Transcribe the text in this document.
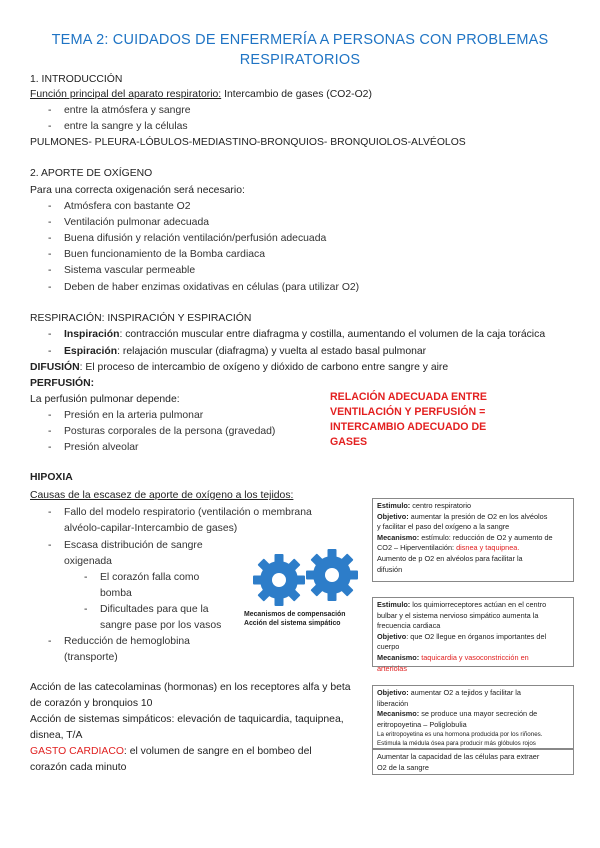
TEMA 2: CUIDADOS DE ENFERMERÍA A PERSONAS CON PROBLEMAS
RESPIRATORIOS
1. INTRODUCCIÓN
Función principal del aparato respiratorio: Intercambio de gases (CO2-O2)
- entre la atmósfera y sangre
- entre la sangre y la células
PULMONES- PLEURA-LÓBULOS-MEDIASTINO-BRONQUIOS- BRONQUIOLOS-ALVÉOLOS
2. APORTE DE OXÍGENO
Para una correcta oxigenación será necesario:
- Atmósfera con bastante O2
- Ventilación pulmonar adecuada
- Buena difusión y relación ventilación/perfusión adecuada
- Buen funcionamiento de la Bomba cardiaca
- Sistema vascular permeable
- Deben de haber enzimas oxidativas en células (para utilizar O2)
RESPIRACIÓN: INSPIRACIÓN Y ESPIRACIÓN
- Inspiración: contracción muscular entre diafragma y costilla, aumentando el volumen de la caja torácica
- Espiración: relajación muscular (diafragma) y vuelta al estado basal pulmonar
DIFUSIÓN: El proceso de intercambio de oxígeno y dióxido de carbono entre sangre y aire
PERFUSIÓN:
La perfusión pulmonar depende:
- Presión en la arteria pulmonar
- Posturas corporales de la persona (gravedad)
- Presión alveolar
RELACIÓN ADECUADA ENTRE
VENTILACIÓN Y PERFUSIÓN =
INTERCAMBIO ADECUADO DE
GASES
HIPOXIA
Causas de la escasez de aporte de oxígeno a los tejidos:
- Fallo del modelo respiratorio (ventilación o membrana
alvéolo-capilar-Intercambio de gases)
- Escasa distribución de sangre
oxigenada
- El corazón falla como
bomba
- Dificultades para que la
sangre pase por los vasos
- Reducción de hemoglobina
(transporte)
Mecanismos de compensación
Acción del sistema simpático
Acción de las catecolaminas (hormonas) en los receptores alfa y beta
de corazón y bronquios 10
Acción de sistemas simpáticos: elevación de taquicardia, taquipnea,
disnea, T/A
GASTO CARDIACO: el volumen de sangre en el bombeo del
corazón cada minuto
Estimulo: centro respiratorio
Objetivo: aumentar la presión de O2 en los alvéolos
y facilitar el paso del oxígeno a la sangre
Mecanismo: estímulo: reducción de O2 y aumento de
CO2 – Hiperventilación: disnea y taquipnea.
Aumento de p O2 en alvéolos para facilitar la
difusión
Estimulo: los quimiorreceptores actúan en el centro
bulbar y el sistema nervioso simpático aumenta la
frecuencia cardiaca
Objetivo: que O2 llegue en órganos importantes del
cuerpo
Mecanismo: taquicardia y vasoconstricción en
arteriolas
Objetivo: aumentar O2 a tejidos y facilitar la
liberación
Mecanismo: se produce una mayor secreción de
eritropoyetina – Poliglobulia
La eritropoyetina es una hormona producida por los riñones.
Estimula la médula ósea para producir más glóbulos rojos
Aumentar la capacidad de las células para extraer
O2 de la sangre
